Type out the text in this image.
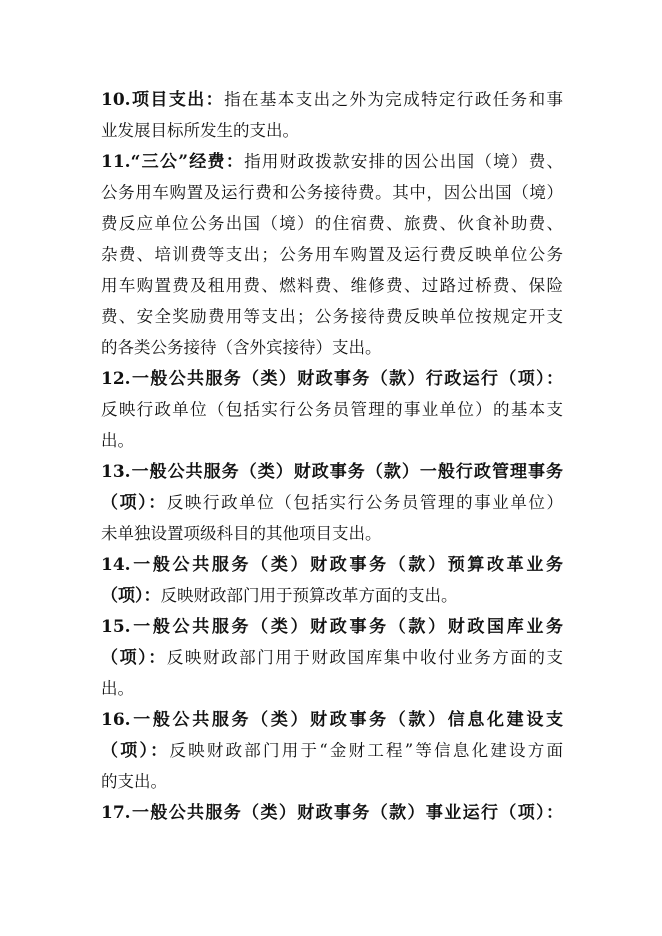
10.项目支出：指在基本支出之外为完成特定行政任务和事
业发展目标所发生的支出。
11.“三公”经费：指用财政拨款安排的因公出国（境）费、
公务用车购置及运行费和公务接待费。其中，因公出国（境）
费反应单位公务出国（境）的住宿费、旅费、伙食补助费、
杂费、培训费等支出；公务用车购置及运行费反映单位公务
用车购置费及租用费、燃料费、维修费、过路过桥费、保险
费、安全奖励费用等支出；公务接待费反映单位按规定开支
的各类公务接待（含外宾接待）支出。
12.一般公共服务（类）财政事务（款）行政运行（项）：
反映行政单位（包括实行公务员管理的事业单位）的基本支
出。
13.一般公共服务（类）财政事务（款）一般行政管理事务
（项）：反映行政单位（包括实行公务员管理的事业单位）
未单独设置项级科目的其他项目支出。
14.一般公共服务（类）财政事务（款）预算改革业务
（项）：反映财政部门用于预算改革方面的支出。
15.一般公共服务（类）财政事务（款）财政国库业务
（项）：反映财政部门用于财政国库集中收付业务方面的支
出。
16.一般公共服务（类）财政事务（款）信息化建设支
（项）：反映财政部门用于“金财工程”等信息化建设方面
的支出。
17.一般公共服务（类）财政事务（款）事业运行（项）：
